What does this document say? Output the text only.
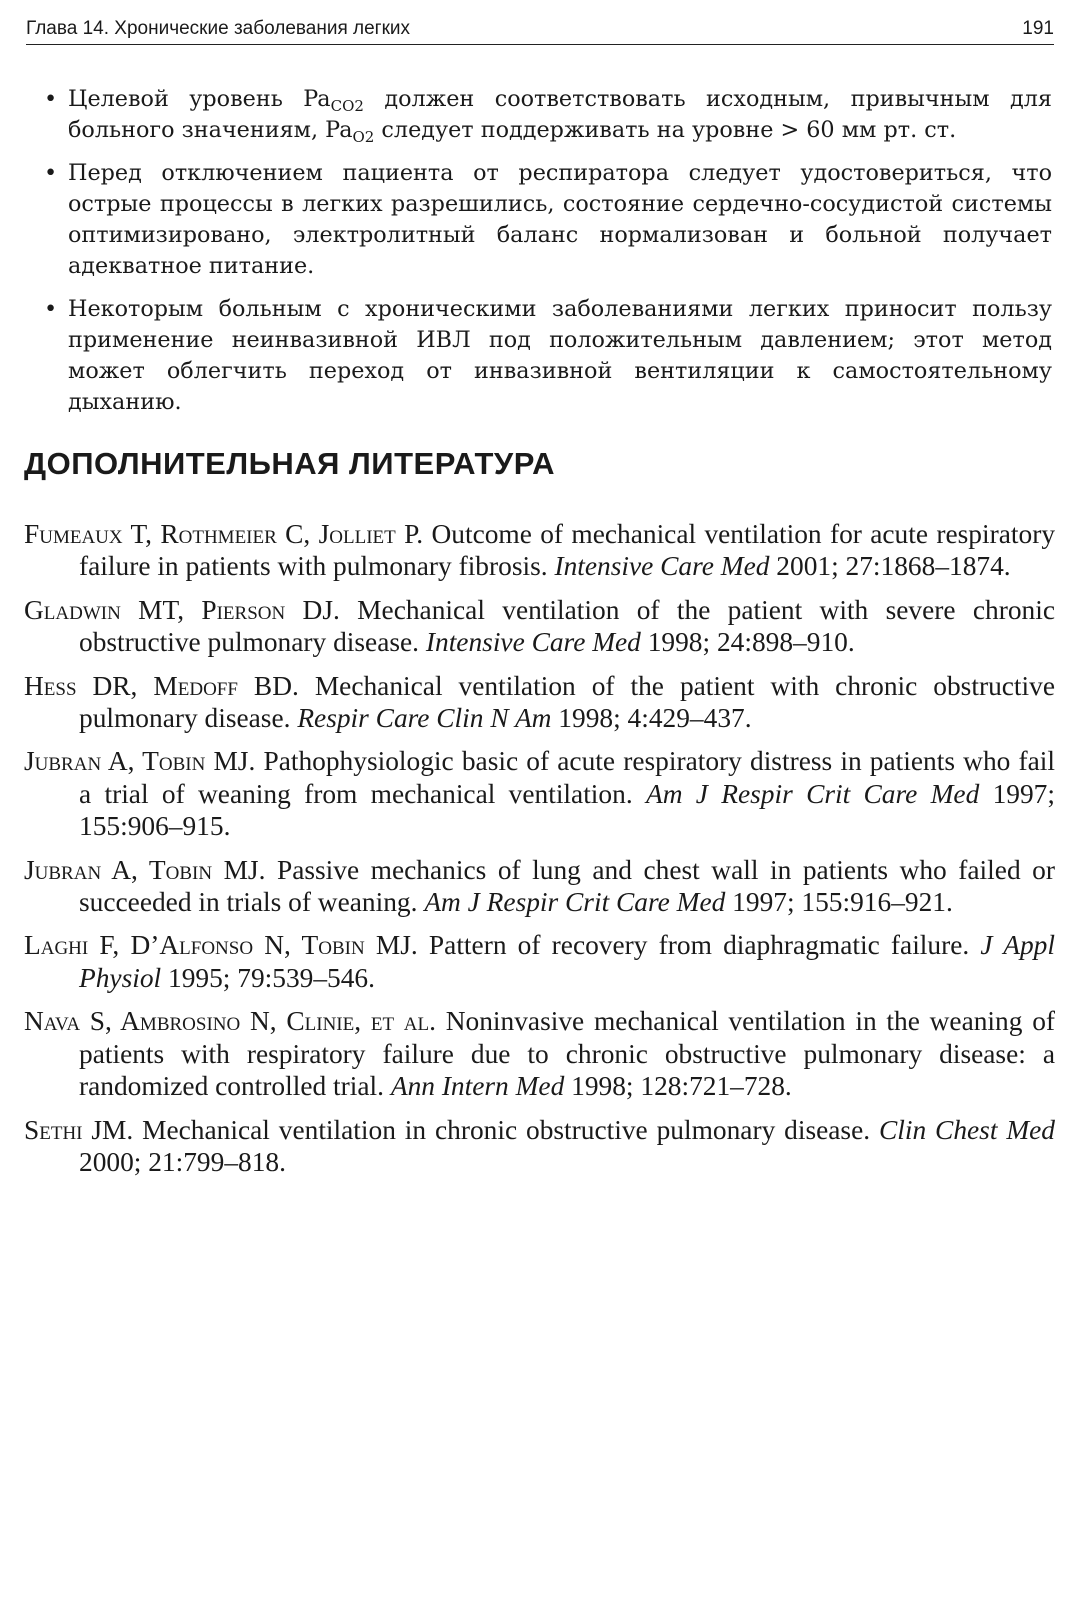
Глава 14. Хронические заболевания легких	191
• Целевой уровень $Pa_{CO2}$ должен соответствовать исходным, привычным для больного значениям, $Pa_{O2}$ следует поддерживать на уровне > 60 мм рт. ст.
• Перед отключением пациента от респиратора следует удостовериться, что острые процессы в легких разрешились, состояние сердечно-сосудистой системы оптимизировано, электролитный баланс нормализован и больной получает адекватное питание.
• Некоторым больным с хроническими заболеваниями легких приносит пользу применение неинвазивной ИВЛ под положительным давлением; этот метод может облегчить переход от инвазивной вентиляции к самостоятельному дыханию.
ДОПОЛНИТЕЛЬНАЯ ЛИТЕРАТУРА
Fumeaux T, Rothmeier C, Jolliet P. Outcome of mechanical ventilation for acute respiratory failure in patients with pulmonary fibrosis. Intensive Care Med 2001; 27:1868–1874.
Gladwin MT, Pierson DJ. Mechanical ventilation of the patient with severe chronic obstructive pulmonary disease. Intensive Care Med 1998; 24:898–910.
Hess DR, Medoff BD. Mechanical ventilation of the patient with chronic obstructive pulmonary disease. Respir Care Clin N Am 1998; 4:429–437.
Jubran A, Tobin MJ. Pathophysiologic basic of acute respiratory distress in patients who fail a trial of weaning from mechanical ventilation. Am J Respir Crit Care Med 1997; 155:906–915.
Jubran A, Tobin MJ. Passive mechanics of lung and chest wall in patients who failed or succeeded in trials of weaning. Am J Respir Crit Care Med 1997; 155:916–921.
Laghi F, D’Alfonso N, Tobin MJ. Pattern of recovery from diaphragmatic failure. J Appl Physiol 1995; 79:539–546.
Nava S, Ambrosino N, Clinie, et al. Noninvasive mechanical ventilation in the weaning of patients with respiratory failure due to chronic obstructive pulmonary disease: a randomized controlled trial. Ann Intern Med 1998; 128:721–728.
Sethi JM. Mechanical ventilation in chronic obstructive pulmonary disease. Clin Chest Med 2000; 21:799–818.
